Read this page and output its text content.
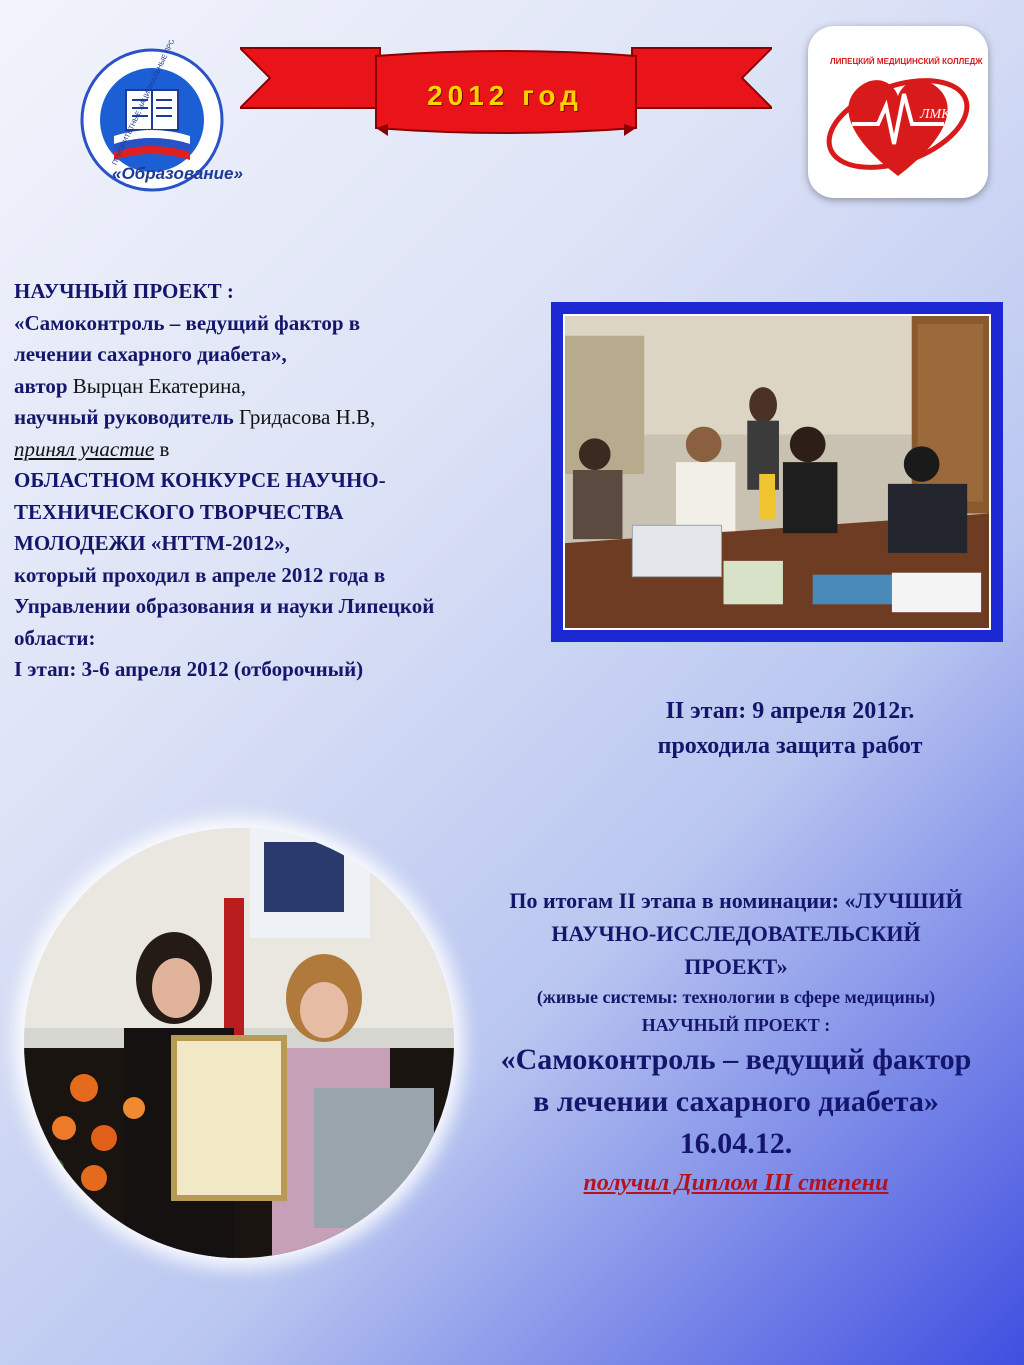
ПРИОРИТЕТНЫЕ НАЦИОНАЛЬНЫЕ
«Образование»
2012 год
ЛМК
ЛИПЕЦКИЙ МЕДИЦИНСКИЙ КОЛЛЕДЖ
НАУЧНЫЙ ПРОЕКТ :
«Самоконтроль – ведущий фактор в
лечении сахарного диабета»,
автор Вырцан Екатерина,
научный руководитель Гридасова Н.В,
принял участие в
ОБЛАСТНОМ КОНКУРСЕ НАУЧНО-
ТЕХНИЧЕСКОГО ТВОРЧЕСТВА
МОЛОДЕЖИ «НТТМ-2012»,
который проходил в апреле 2012 года в
Управлении образования и науки Липецкой
области:
I этап: 3-6 апреля 2012 (отборочный)
II этап: 9 апреля 2012г.
проходила защита работ
По итогам II этапа в номинации: «ЛУЧШИЙ
НАУЧНО-ИССЛЕДОВАТЕЛЬСКИЙ
ПРОЕКТ»
(живые системы: технологии в сфере медицины)
НАУЧНЫЙ ПРОЕКТ :
«Самоконтроль – ведущий фактор
в лечении сахарного диабета»
16.04.12.
получил Диплом III степени
